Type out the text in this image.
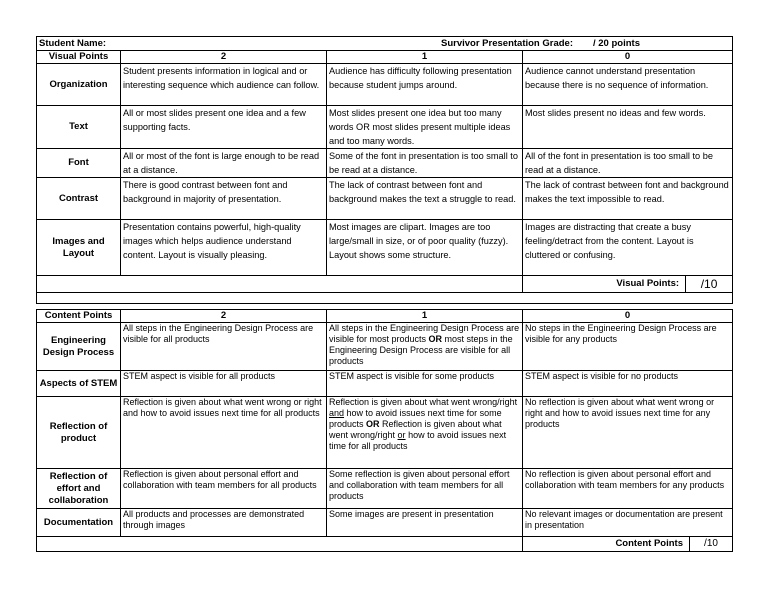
Student Name: Survivor Presentation Grade: / 20 points			

Visual Points	2	1	0
Organization	Student presents information in logical and or interesting sequence which audience can follow.	Audience has difficulty following presentation because student jumps around.	Audience cannot understand presentation because there is no sequence of information.
Text	All or most slides present one idea and a few supporting facts.	Most slides present one idea but too many words OR most slides present multiple ideas and too many words.	Most slides present no ideas and few words.
Font	All or most of the font is large enough to be read at a distance.	Some of the font in presentation is too small to be read at a distance.	All of the font in presentation is too small to be read at a distance.
Contrast	There is good contrast between font and background in majority of presentation.	The lack of contrast between font and background makes the text a struggle to read.	The lack of contrast between font and background makes the text impossible to read.
Images and Layout	Presentation contains powerful, high-quality images which helps audience understand content. Layout is visually pleasing.	Most images are clipart. Images are too large/small in size, or of poor quality (fuzzy). Layout shows some structure.	Images are distracting that create a busy feeling/detract from the content. Layout is cluttered or confusing.

			Visual Points: /10

Content Points	2	1	0
Engineering Design Process	All steps in the Engineering Design Process are visible for all products	All steps in the Engineering Design Process are visible for most products OR most steps in the Engineering Design Process are visible for all products	No steps in the Engineering Design Process are visible for any products
Aspects of STEM	STEM aspect is visible for all products	STEM aspect is visible for some products	STEM aspect is visible for no products
Reflection of product	Reflection is given about what went wrong or right and how to avoid issues next time for all products	Reflection is given about what went wrong/right and how to avoid issues next time for some products OR Reflection is given about what went wrong/right or how to avoid issues next time for all products	No reflection is given about what went wrong or right and how to avoid issues next time for any products
Reflection of effort and collaboration	Reflection is given about personal effort and collaboration with team members for all products	Some reflection is given about personal effort and collaboration with team members for all products	No reflection is given about personal effort and collaboration with team members for any products
Documentation	All products and processes are demonstrated through images	Some images are present in presentation	No relevant images or documentation are present in presentation

			Content Points /10
